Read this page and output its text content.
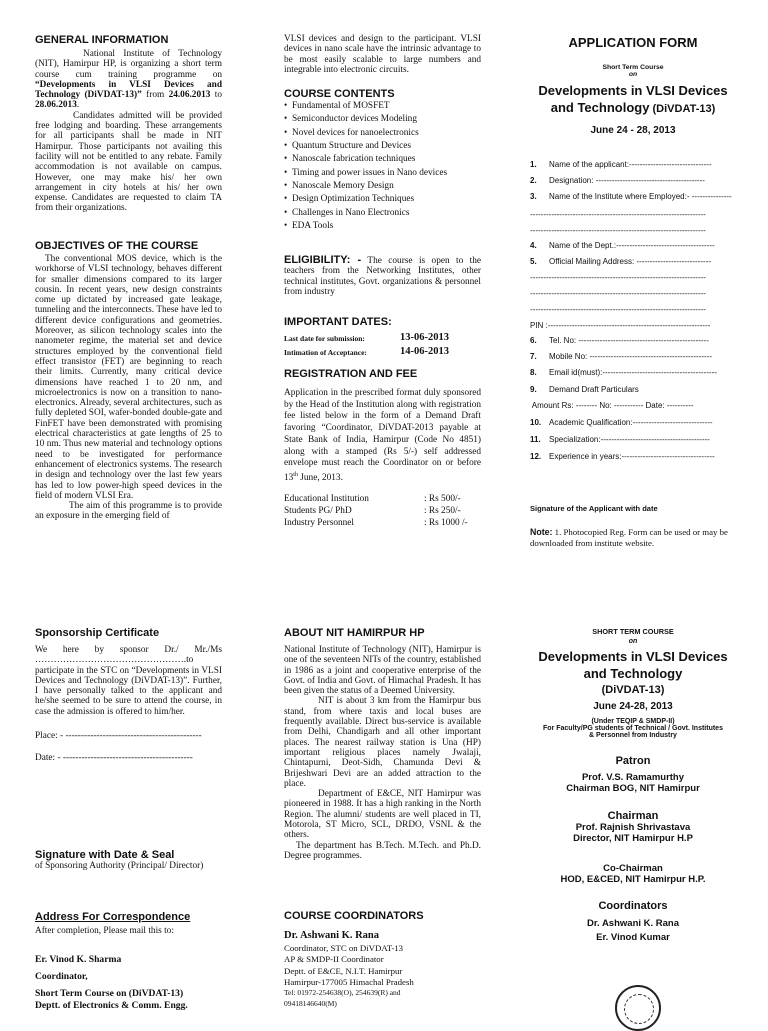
GENERAL INFORMATION

National Institute of Technology (NIT), Hamirpur HP, is organizing a short term course cum training programme on “Developments in VLSI Devices and Technology (DiVDAT-13)” from 24.06.2013 to 28.06.2013.

Candidates admitted will be provided free lodging and boarding. These arrangements for all participants shall be made in NIT Hamirpur. Those participants not availing this facility will not be entitled to any rebate. Family accommodation is not available on campus. However, one may make his/ her own arrangement in city hotels at his/ her own expense. Candidates are requested to claim TA from their organizations.

OBJECTIVES OF THE COURSE

The conventional MOS device, which is the workhorse of VLSI technology, behaves different for smaller dimensions compared to its larger cousin. In recent years, new design constraints come up dictated by increased gate leakage, tunneling and the interconnects. These have led to different device configurations and geometries. Moreover, as silicon technology scales into the nanometer regime, the material set and device structures employed by the conventional field effect transistor (FET) are beginning to reach their limits. Currently, many critical device dimensions have reached 1 to 20 nm, and microelectronics is now on a transition to nano-electronics. Already, several architectures, such as fully depleted SOI, wafer-bonded double-gate and FinFET have been demonstrated with promising electrical characteristics at gate lengths of 25 to 10 nm. Thus new material and technology options need to be investigated for performance enhancement of electronics systems. The research in design and technology over the last few years has led to low power-high speed devices in the field of modern VLSI Era.

The aim of this programme is to provide an exposure in the emerging field of

VLSI devices and design to the participant. VLSI devices in nano scale have the intrinsic advantage to be most easily scalable to large numbers and integrable into electronic circuits.

COURSE CONTENTS
• Fundamental of MOSFET
• Semiconductor devices Modeling
• Novel devices for nanoelectronics
• Quantum Structure and Devices
• Nanoscale fabrication techniques
• Timing and power issues in Nano devices
• Nanoscale Memory Design
• Design Optimization Techniques
• Challenges in Nano Electronics
• EDA Tools

ELIGIBILITY: - The course is open to the teachers from the Networking Institutes, other technical institutes, Govt. organizations & personnel from industry

IMPORTANT DATES:
Last date for submission:	13-06-2013
Intimation of Acceptance:	14-06-2013
REGISTRATION AND FEE

Application in the prescribed format duly sponsored by the Head of the Institution along with registration fee listed below in the form of a Demand Draft favoring “Coordinator, DiVDAT-2013 payable at State Bank of India, Hamirpur (Code No 4851) along with a stamped (Rs 5/-) self addressed envelope must reach the Coordinator on or before 13th June, 2013.

Educational Institution	: Rs 500/-
Students PG/ PhD	: Rs 250/-
Industry Personnel	: Rs 1000 /-
APPLICATION FORM
Short Term Course
on
Developments in VLSI Devices
and Technology (DiVDAT-13)
June 24 - 28, 2013
1. Name of the applicant:-------------------------------
2. Designation: -----------------------------------------
3. Name of the Institute where Employed:- ---------------
------------------------------------------------------------------
------------------------------------------------------------------
4. Name of the Dept.:-------------------------------------
5. Official Mailing Address: ----------------------------
------------------------------------------------------------------
------------------------------------------------------------------
------------------------------------------------------------------
PIN :-------------------------------------------------------------
6. Tel. No: -------------------------------------------------
7. Mobile No: ----------------------------------------------
8. Email id(must):-------------------------------------------
9. Demand Draft Particulars
Amount Rs: -------- No: ----------- Date: ----------
10. Academic Qualification:------------------------------
11. Specialization:-----------------------------------------
12. Experience in years:-----------------------------------
Signature of the Applicant with date
Note: 1. Photocopied Reg. Form can be used or may be downloaded from institute website.
Sponsorship Certificate

We here by sponsor Dr./ Mr./Ms ………………………………………….to participate in the STC on “Developments in VLSI Devices and Technology (DiVDAT-13)”. Further, I have personally talked to the applicant and he/she seemed to be sure to attend the course, in case the admission is offered to him/her.

Place: - --------------------------------------------

Date: - ------------------------------------------

Signature with Date & Seal

of Sponsoring Authority (Principal/ Director)

Address For Correspondence

After completion, Please mail this to:

Er. Vinod K. Sharma

Coordinator,

Short Term Course on (DiVDAT-13)

Deptt. of Electronics & Comm. Engg.

ABOUT NIT HAMIRPUR HP

National Institute of Technology (NIT), Hamirpur is one of the seventeen NITs of the country, established in 1986 as a joint and cooperative enterprise of the Govt. of India and Govt. of Himachal Pradesh. It has been given the status of a Deemed University.

NIT is about 3 km from the Hamirpur bus stand, from where taxis and local buses are frequently available. Direct bus-service is available from Delhi, Chandigarh and all other important places. The nearest railway station is Una (HP) important religious places namely Jwalaji, Chintapurni, Deot-Sidh, Chamunda Devi & Brijeshwari Devi are an added attraction to the place.

Department of E&CE, NIT Hamirpur was pioneered in 1988. It has a high ranking in the North Region. The alumni/ students are well placed in TI, Motorola, ST Micro, SCL, DRDO, VSNL & the others.

The department has B.Tech. M.Tech. and Ph.D. Degree programmes.

COURSE COORDINATORS

Dr. Ashwani K. Rana

Coordinator, STC on DiVDAT-13
AP & SMDP-II Coordinator
Deptt. of E&CE, N.I.T. Hamirpur
Hamirpur-177005 Himachal Pradesh

Tel: 01972-254638(O), 254639(R) and

09418146640(M)

SHORT TERM COURSE
on
Developments in VLSI Devices
and Technology
(DiVDAT-13)
June 24-28, 2013
(Under TEQIP & SMDP-II)
For Faculty/PG students of Technical / Govt. Institutes
& Personnel from Industry
Patron
Prof. V.S. Ramamurthy
Chairman BOG, NIT Hamirpur
Chairman
Prof. Rajnish Shrivastava
Director, NIT Hamirpur H.P
Co-Chairman
HOD, E&CED, NIT Hamirpur H.P.
Coordinators
Dr. Ashwani K. Rana
Er. Vinod Kumar
